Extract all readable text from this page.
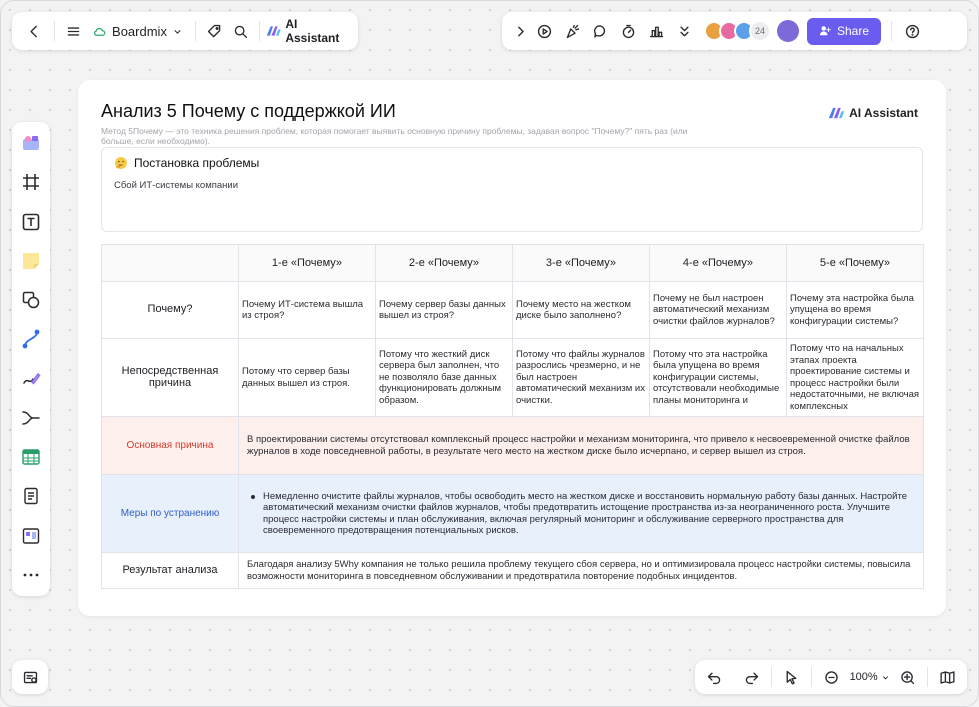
Boardmix	AI Assistant	24	Share
100%
Анализ 5 Почему с поддержкой ИИ
Метод 5Почему — это техника решения проблем, которая помогает выявить основную причину проблемы, задавая вопрос "Почему?" пять раз (или больше, если необходимо).
AI Assistant
Постановка проблемы
Сбой ИТ-системы компании
	1-е «Почему»	2-е «Почему»	3-е «Почему»	4-е «Почему»	5-е «Почему»
Почему?	Почему ИТ-система вышла из строя?	Почему сервер базы данных вышел из строя?	Почему место на жестком диске было заполнено?	Почему не был настроен автоматический механизм очистки файлов журналов?	Почему эта настройка была упущена во время конфигурации системы?
Непосредственная причина	Потому что сервер базы данных вышел из строя.	Потому что жесткий диск сервера был заполнен, что не позволяло базе данных функционировать должным образом.	Потому что файлы журналов разрослись чрезмерно, и не был настроен автоматический механизм их очистки.	Потому что эта настройка была упущена во время конфигурации системы, отсутствовали необходимые планы мониторинга и	Потому что на начальных этапах проекта проектирование системы и процесс настройки были недостаточными, не включая комплексных

Основная причина	В проектировании системы отсутствовал комплексный процесс настройки и механизм мониторинга, что привело к несвоевременной очистке файлов журналов в ходе повседневной работы, в результате чего место на жестком диске было исчерпано, и сервер вышел из строя.				
Меры по устранению	Немедленно очистите файлы журналов, чтобы освободить место на жестком диске и восстановить нормальную работу базы данных. Настройте автоматический механизм очистки файлов журналов, чтобы предотвратить истощение пространства из-за неограниченного роста. Улучшите процесс настройки системы и план обслуживания, включая регулярный мониторинг и обслуживание серверного пространства для своевременного предотвращения потенциальных рисков.				

Результат анализа	Благодаря анализу 5Why компания не только решила проблему текущего сбоя сервера, но и оптимизировала процесс настройки системы, повысила возможности мониторинга в повседневном обслуживании и предотвратила повторение подобных инцидентов.				
